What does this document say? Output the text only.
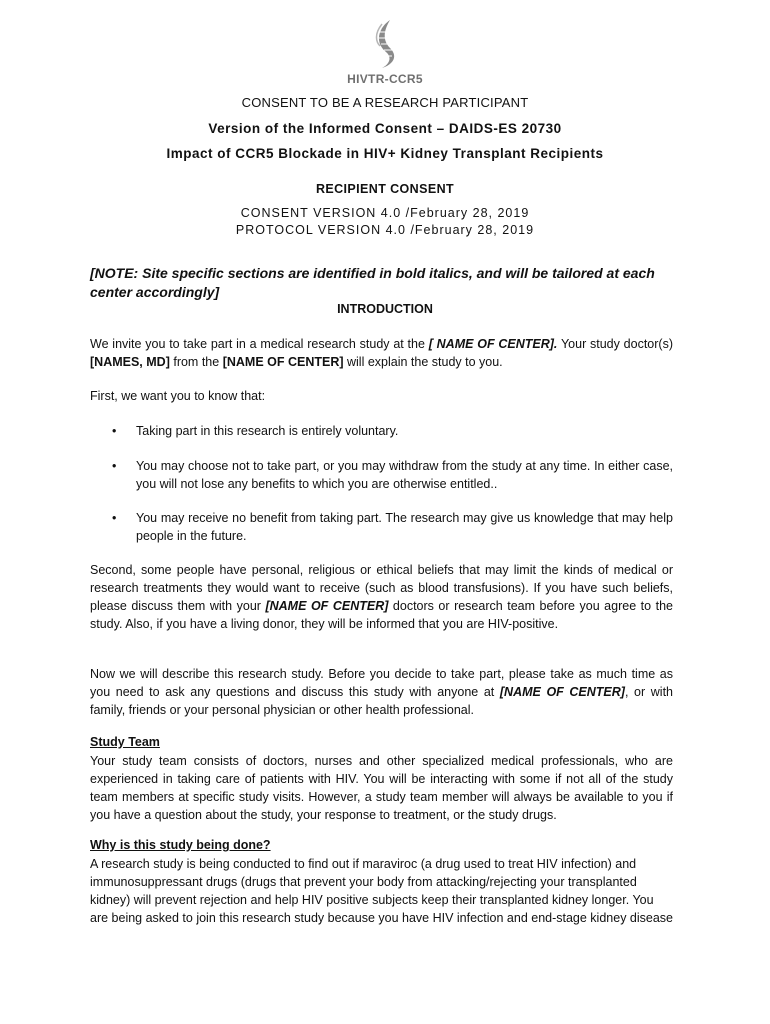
HIVTR-CCR5
CONSENT TO BE A RESEARCH PARTICIPANT
Version of the Informed Consent – DAIDS-ES 20730
Impact of CCR5 Blockade in HIV+ Kidney Transplant Recipients
RECIPIENT CONSENT
CONSENT VERSION 4.0 /February 28, 2019
PROTOCOL VERSION 4.0 /February 28, 2019
[NOTE: Site specific sections are identified in bold italics, and will be tailored at each center accordingly]
INTRODUCTION
We invite you to take part in a medical research study at the [ NAME OF CENTER]. Your study doctor(s) [NAMES, MD] from the [NAME OF CENTER] will explain the study to you.
First, we want you to know that:
• Taking part in this research is entirely voluntary.
• You may choose not to take part, or you may withdraw from the study at any time. In either case, you will not lose any benefits to which you are otherwise entitled..
• You may receive no benefit from taking part. The research may give us knowledge that may help people in the future.
Second, some people have personal, religious or ethical beliefs that may limit the kinds of medical or research treatments they would want to receive (such as blood transfusions). If you have such beliefs, please discuss them with your [NAME OF CENTER] doctors or research team before you agree to the study. Also, if you have a living donor, they will be informed that you are HIV-positive.
Now we will describe this research study. Before you decide to take part, please take as much time as you need to ask any questions and discuss this study with anyone at [NAME OF CENTER], or with family, friends or your personal physician or other health professional.
Study Team
Your study team consists of doctors, nurses and other specialized medical professionals, who are experienced in taking care of patients with HIV. You will be interacting with some if not all of the study team members at specific study visits. However, a study team member will always be available to you if you have a question about the study, your response to treatment, or the study drugs.
Why is this study being done?
A research study is being conducted to find out if maraviroc (a drug used to treat HIV infection) and immunosuppressant drugs (drugs that prevent your body from attacking/rejecting your transplanted kidney) will prevent rejection and help HIV positive subjects keep their transplanted kidney longer. You are being asked to join this research study because you have HIV infection and end-stage kidney disease
